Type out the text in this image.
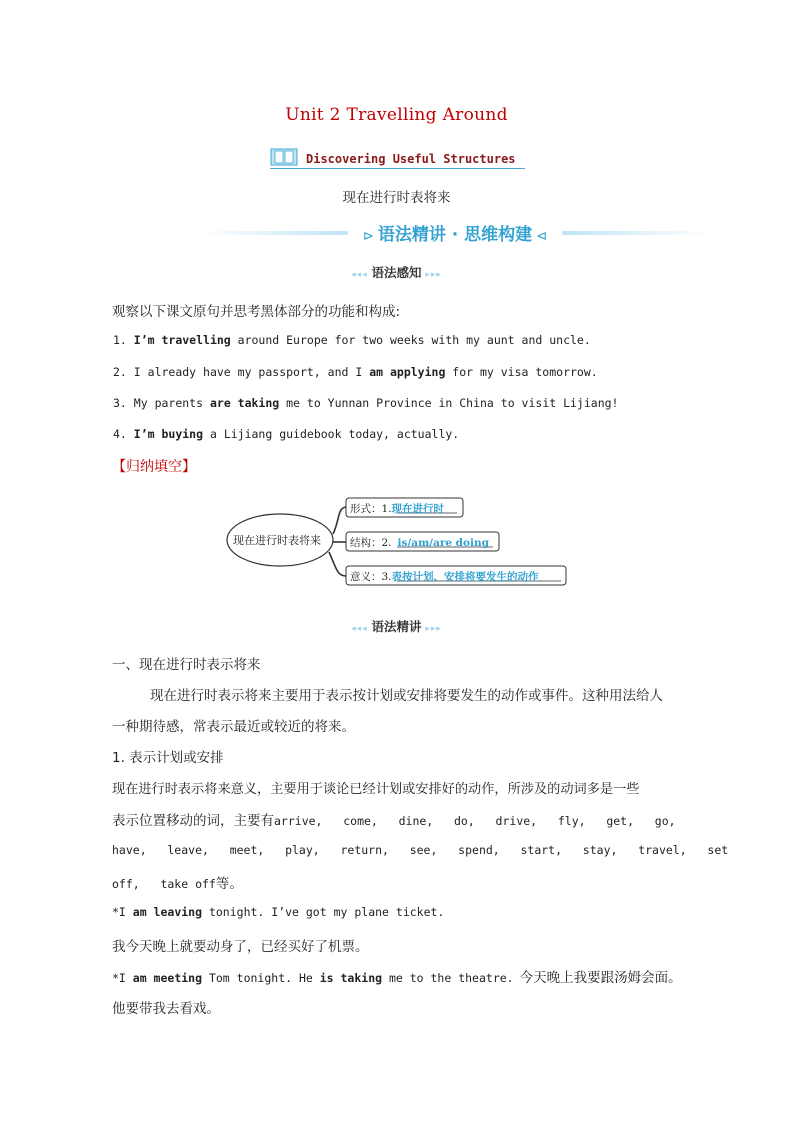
Unit 2 Travelling Around
Discovering Useful Structures
现在进行时表将来
⊳ 语法精讲 · 思维构建 ⊲
◂◂◂ 语法感知 ▸▸▸
观察以下课文原句并思考黑体部分的功能和构成:
1. I’m travelling around Europe for two weeks with my aunt and uncle.
2. I already have my passport, and I am applying for my visa tomorrow.
3. My parents are taking me to Yunnan Province in China to visit Lijiang!
4. I’m buying a Lijiang guidebook today, actually.
【归纳填空】
现在进行时表将来
形式：1.现在进行时
结构：2. is/am/are doing
意义：3.表按计划、安排将要发生的动作
◂◂◂ 语法精讲 ▸▸▸
一、现在进行时表示将来
现在进行时表示将来主要用于表示按计划或安排将要发生的动作或事件。这种用法给人
一种期待感，常表示最近或较近的将来。
1. 表示计划或安排
现在进行时表示将来意义，主要用于谈论已经计划或安排好的动作，所涉及的动词多是一些
表示位置移动的词，主要有arrive,   come,   dine,   do,   drive,   fly,   get,   go,
have,   leave,   meet,   play,   return,   see,   spend,   start,   stay,   travel,   set
off,   take off等。
*I am leaving tonight. I’ve got my plane ticket.
我今天晚上就要动身了，已经买好了机票。
*I am meeting Tom tonight. He is taking me to the theatre. 今天晚上我要跟汤姆会面。
他要带我去看戏。
